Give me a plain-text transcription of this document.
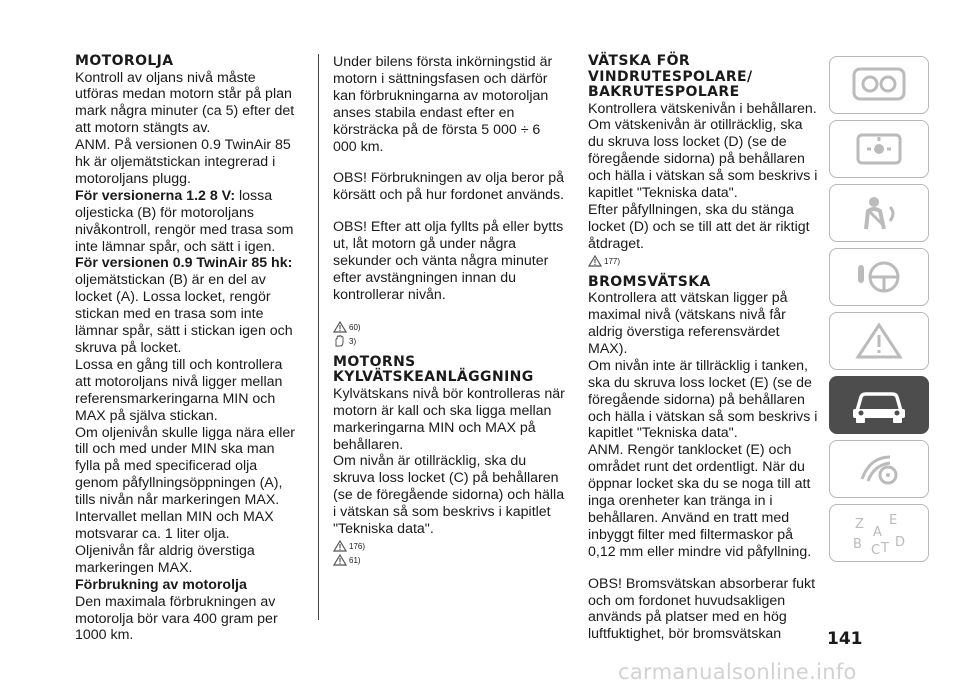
MOTOROLJA

Kontroll av oljans nivå måste utföras medan motorn står på plan mark några minuter (ca 5) efter det att motorn stängts av.

ANM. På versionen 0.9 TwinAir 85 hk är oljemätstickan integrerad i motoroljans plugg.

För versionerna 1.2 8 V: lossa oljesticka (B) för motoroljans nivåkontroll, rengör med trasa som inte lämnar spår, och sätt i igen.

För versionen 0.9 TwinAir 85 hk: oljemätstickan (B) är en del av locket (A). Lossa locket, rengör stickan med en trasa som inte lämnar spår, sätt i stickan igen och skruva på locket.

Lossa en gång till och kontrollera att motoroljans nivå ligger mellan referensmarkeringarna MIN och MAX på själva stickan.

Om oljenivån skulle ligga nära eller till och med under MIN ska man fylla på med specificerad olja genom påfyllningsöppningen (A), tills nivån når markeringen MAX.

Intervallet mellan MIN och MAX motsvarar ca. 1 liter olja.

Oljenivån får aldrig överstiga markeringen MAX.

Förbrukning av motorolja

Den maximala förbrukningen av motorolja bör vara 400 gram per 1000 km.

Under bilens första inkörningstid är motorn i sättningsfasen och därför kan förbrukningarna av motoroljan anses stabila endast efter en körsträcka på de första 5 000 ÷ 6 000 km.

OBS! Förbrukningen av olja beror på körsätt och på hur fordonet används.

OBS! Efter att olja fyllts på eller bytts ut, låt motorn gå under några sekunder och vänta några minuter efter avstängningen innan du kontrollerar nivån.

60)
3)
MOTORNS
KYLVÄTSKEANLÄGGNING

Kylvätskans nivå bör kontrolleras när motorn är kall och ska ligga mellan markeringarna MIN och MAX på behållaren.

Om nivån är otillräcklig, ska du skruva loss locket (C) på behållaren (se de föregående sidorna) och hälla i vätskan så som beskrivs i kapitlet "Tekniska data".

176)
61)
VÄTSKA FÖR
VINDRUTESPOLARE/
BAKRUTESPOLARE

Kontrollera vätskenivån i behållaren.

Om vätskenivån är otillräcklig, ska du skruva loss locket (D) (se de föregående sidorna) på behållaren och hälla i vätskan så som beskrivs i kapitlet "Tekniska data".

Efter påfyllningen, ska du stänga locket (D) och se till att det är riktigt åtdraget.

177)
BROMSVÄTSKA

Kontrollera att vätskan ligger på maximal nivå (vätskans nivå får aldrig överstiga referensvärdet MAX).

Om nivån inte är tillräcklig i tanken, ska du skruva loss locket (E) (se de föregående sidorna) på behållaren och hälla i vätskan så som beskrivs i kapitlet "Tekniska data".

ANM. Rengör tanklocket (E) och området runt det ordentligt. När du öppnar locket ska du se noga till att inga orenheter kan tränga in i behållaren. Använd en tratt med inbyggt filter med filtermaskor på 0,12 mm eller mindre vid påfyllning.

OBS! Bromsvätskan absorberar fukt och om fordonet huvudsakligen används på platser med en hög luftfuktighet, bör bromsvätskan

Z E
B C T D
A
141
carmanualsonline.info
